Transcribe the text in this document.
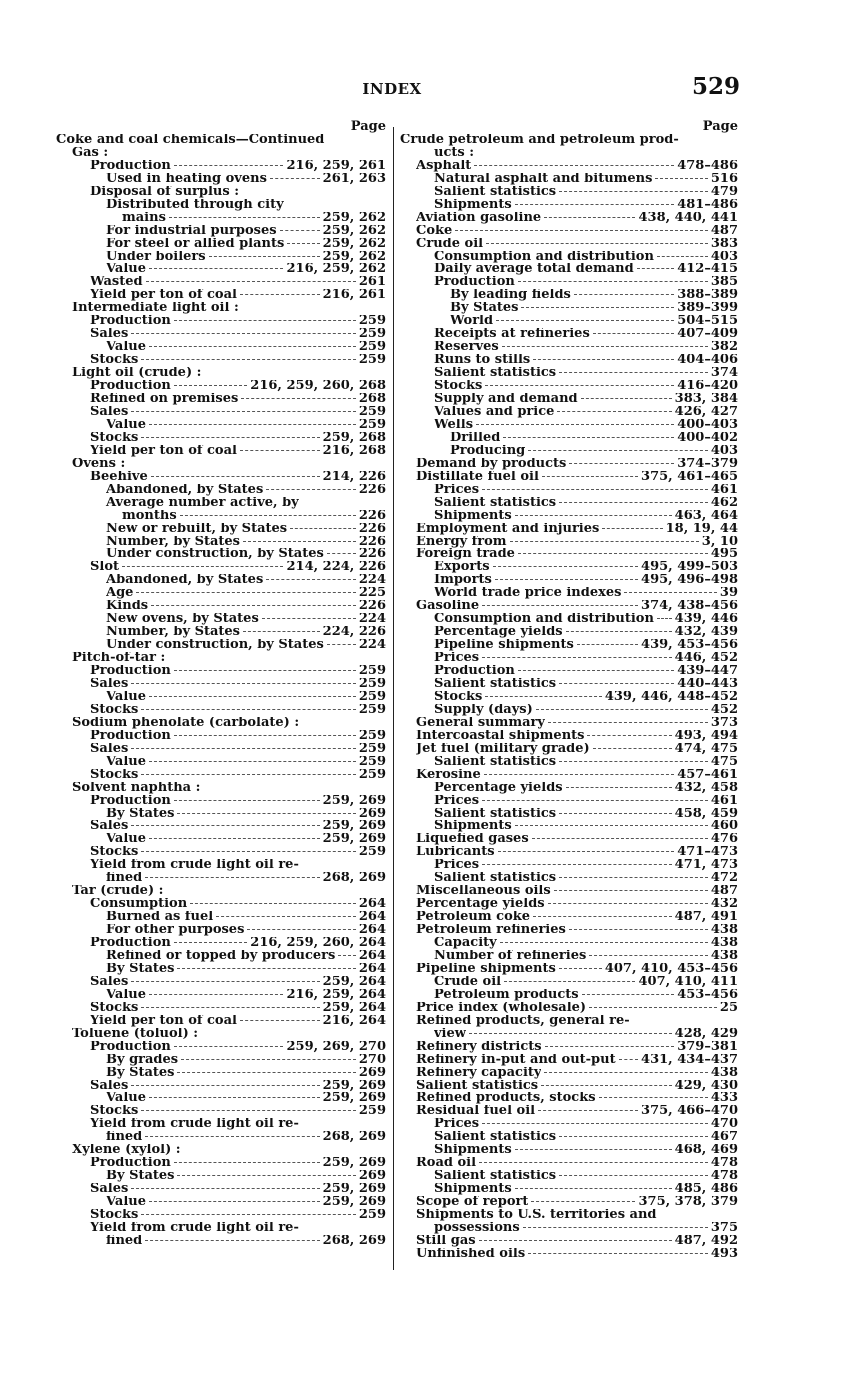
INDEX	529
Page
Coke and coal chemicals—Continued
Gas :
Production	216, 259, 261
Used in heating ovens	261, 263
Disposal of surplus :
Distributed through city
mains	259, 262
For industrial purposes	259, 262
For steel or allied plants	259, 262
Under boilers	259, 262
Value	216, 259, 262
Wasted	261
Yield per ton of coal	216, 261
Intermediate light oil :
Production	259
Sales	259
Value	259
Stocks	259
Light oil (crude) :
Production	216, 259, 260, 268
Refined on premises	268
Sales	259
Value	259
Stocks	259, 268
Yield per ton of coal	216, 268
Ovens :
Beehive	214, 226
Abandoned, by States	226
Average number active, by
months	226
New or rebuilt, by States	226
Number, by States	226
Under construction, by States	226
Slot	214, 224, 226
Abandoned, by States	224
Age	225
Kinds	226
New ovens, by States	224
Number, by States	224, 226
Under construction, by States	224
Pitch-of-tar :
Production	259
Sales	259
Value	259
Stocks	259
Sodium phenolate (carbolate) :
Production	259
Sales	259
Value	259
Stocks	259
Solvent naphtha :
Production	259, 269
By States	269
Sales	259, 269
Value	259, 269
Stocks	259
Yield from crude light oil re-
fined	268, 269
Tar (crude) :
Consumption	264
Burned as fuel	264
For other purposes	264
Production	216, 259, 260, 264
Refined or topped by producers 264
By States	264
Sales	259, 264
Value	216, 259, 264
Stocks	259, 264
Yield per ton of coal	216, 264
Toluene (toluol) :
Production	259, 269, 270
By grades	270
By States	269
Sales	259, 269
Value	259, 269
Stocks	259
Yield from crude light oil re-
fined	268, 269
Xylene (xylol) :
Production	259, 269
By States	269
Sales	259, 269
Value	259, 269
Stocks	259
Yield from crude light oil re-
fined	268, 269
Page
Crude petroleum and petroleum prod-
ucts :
Asphalt	478–486
Natural asphalt and bitumens	516
Salient statistics	479
Shipments	481–486
Aviation gasoline	438, 440, 441
Coke	487
Crude oil	383
Consumption and distribution	403
Daily average total demand	412–415
Production	385
By leading fields	388–389
By States	389–399
World	504–515
Receipts at refineries	407–409
Reserves	382
Runs to stills	404–406
Salient statistics	374
Stocks	416–420
Supply and demand	383, 384
Values and price	426, 427
Wells	400–403
Drilled	400–402
Producing	403
Demand by products	374–379
Distillate fuel oil	375, 461–465
Prices	461
Salient statistics	462
Shipments	463, 464
Employment and injuries	18, 19, 44
Energy from	3, 10
Foreign trade	495
Exports	495, 499–503
Imports	495, 496–498
World trade price indexes	39
Gasoline	374, 438–456
Consumption and distribution 439, 446
Percentage yields	432, 439
Pipeline shipments	439, 453–456
Prices	446, 452
Production	439–447
Salient statistics	440–443
Stocks	439, 446, 448–452
Supply (days)	452
General summary	373
Intercoastal shipments	493, 494
Jet fuel (military grade)	474, 475
Salient statistics	475
Kerosine	457–461
Percentage yields	432, 458
Prices	461
Salient statistics	458, 459
Shipments	460
Liquefied gases	476
Lubricants	471–473
Prices	471, 473
Salient statistics	472
Miscellaneous oils	487
Percentage yields	432
Petroleum coke	487, 491
Petroleum refineries	438
Capacity	438
Number of refineries	438
Pipeline shipments	407, 410, 453–456
Crude oil	407, 410, 411
Petroleum products	453–456
Price index (wholesale)	25
Refined products, general re-
view	428, 429
Refinery districts	379–381
Refinery in-put and out-put 431, 434–437
Refinery capacity	438
Salient statistics	429, 430
Refined products, stocks	433
Residual fuel oil	375, 466–470
Prices	470
Salient statistics	467
Shipments	468, 469
Road oil	478
Salient statistics	478
Shipments	485, 486
Scope of report	375, 378, 379
Shipments to U.S. territories and
possessions	375
Still gas	487, 492
Unfinished oils	493
